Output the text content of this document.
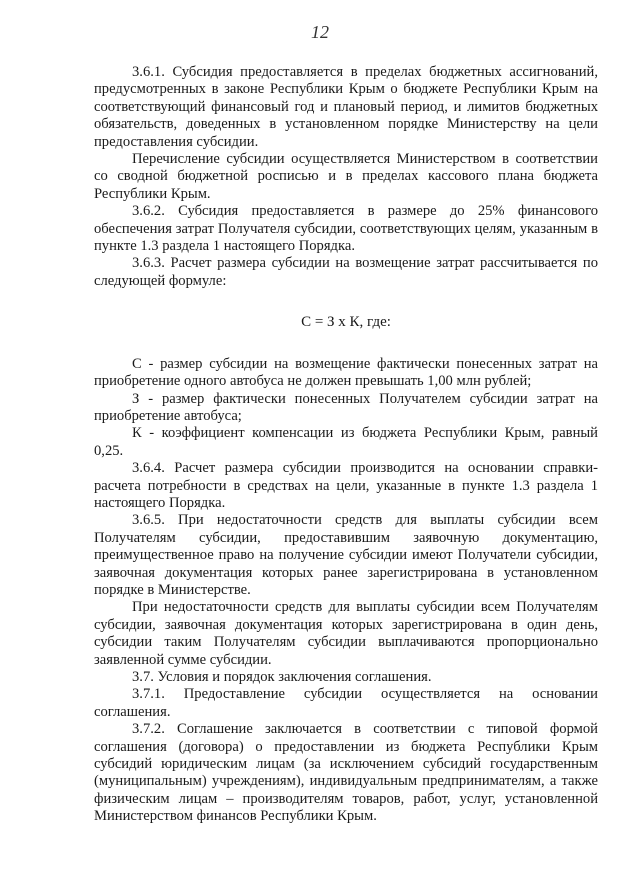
12

3.6.1. Субсидия предоставляется в пределах бюджетных ассигнований, предусмотренных в законе Республики Крым о бюджете Республики Крым на соответствующий финансовый год и плановый период, и лимитов бюджетных обязательств, доведенных в установленном порядке Министерству на цели предоставления субсидии.

Перечисление субсидии осуществляется Министерством в соответствии со сводной бюджетной росписью и в пределах кассового плана бюджета Республики Крым.

3.6.2. Субсидия предоставляется в размере до 25% финансового обеспечения затрат Получателя субсидии, соответствующих целям, указанным в пункте 1.3 раздела 1 настоящего Порядка.

3.6.3. Расчет размера субсидии на возмещение затрат рассчитывается по следующей формуле:

С = З х К, где:

С - размер субсидии на возмещение фактически понесенных затрат на приобретение одного автобуса не должен превышать 1,00 млн рублей;

З - размер фактически понесенных Получателем субсидии затрат на приобретение автобуса;

К - коэффициент компенсации из бюджета Республики Крым, равный 0,25.

3.6.4. Расчет размера субсидии производится на основании справки-расчета потребности в средствах на цели, указанные в пункте 1.3 раздела 1 настоящего Порядка.

3.6.5. При недостаточности средств для выплаты субсидии всем Получателям субсидии, предоставившим заявочную документацию, преимущественное право на получение субсидии имеют Получатели субсидии, заявочная документация которых ранее зарегистрирована в установленном порядке в Министерстве.

При недостаточности средств для выплаты субсидии всем Получателям субсидии, заявочная документация которых зарегистрирована в один день, субсидии таким Получателям субсидии выплачиваются пропорционально заявленной сумме субсидии.

3.7. Условия и порядок заключения соглашения.

3.7.1. Предоставление субсидии осуществляется на основании соглашения.

3.7.2. Соглашение заключается в соответствии с типовой формой соглашения (договора) о предоставлении из бюджета Республики Крым субсидий юридическим лицам (за исключением субсидий государственным (муниципальным) учреждениям), индивидуальным предпринимателям, а также физическим лицам – производителям товаров, работ, услуг, установленной Министерством финансов Республики Крым.
